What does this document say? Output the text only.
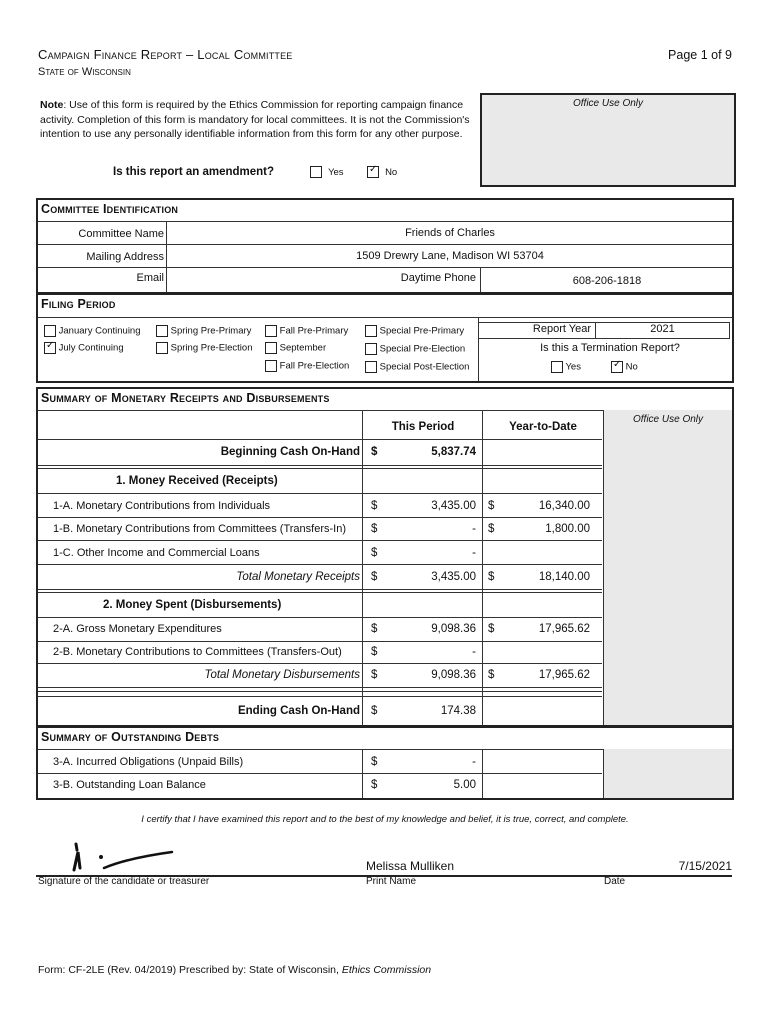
Campaign Finance Report – Local Committee
State of Wisconsin
Page 1 of 9
Note: Use of this form is required by the Ethics Commission for reporting campaign finance activity. Completion of this form is mandatory for local committees. It is not the Commission's intention to use any personally identifiable information from this form for any other purpose.
Office Use Only
Is this report an amendment?	Yes ✓	No
Committee Identification
Committee Name	Friends of Charles
Mailing Address	1509 Drewry Lane, Madison WI 53704
Email	Daytime Phone	608-206-1818
Filing Period
January Continuing
✓ July Continuing
Spring Pre-Primary
Spring Pre-Election
Fall Pre-Primary
September
Fall Pre-Election
Special Pre-Primary
Special Pre-Election
Special Post-Election
Report Year	2021
Is this a Termination Report?
Yes ✓	No
Summary of Monetary Receipts and Disbursements
Office Use Only
This Period	Year-to-Date
Beginning Cash On-Hand $	5,837.74
1. Money Received (Receipts)
1-A. Monetary Contributions from Individuals	$	3,435.00 $	16,340.00
1-B. Monetary Contributions from Committees (Transfers-In) $	- $	1,800.00
1-C. Other Income and Commercial Loans	$	-
Total Monetary Receipts $	3,435.00 $	18,140.00
2. Money Spent (Disbursements)
2-A. Gross Monetary Expenditures	$	9,098.36 $	17,965.62
2-B. Monetary Contributions to Committees (Transfers-Out)	$	-
Total Monetary Disbursements $	9,098.36 $	17,965.62
Ending Cash On-Hand $	174.38
Summary of Outstanding Debts
3-A. Incurred Obligations (Unpaid Bills)	$	-
3-B. Outstanding Loan Balance	$	5.00
I certify that I have examined this report and to the best of my knowledge and belief, it is true, correct, and complete.
Signature of the candidate or treasurer
Melissa Mulliken
Print Name
7/15/2021
Date
Form: CF-2LE (Rev. 04/2019) Prescribed by: State of Wisconsin, Ethics Commission
